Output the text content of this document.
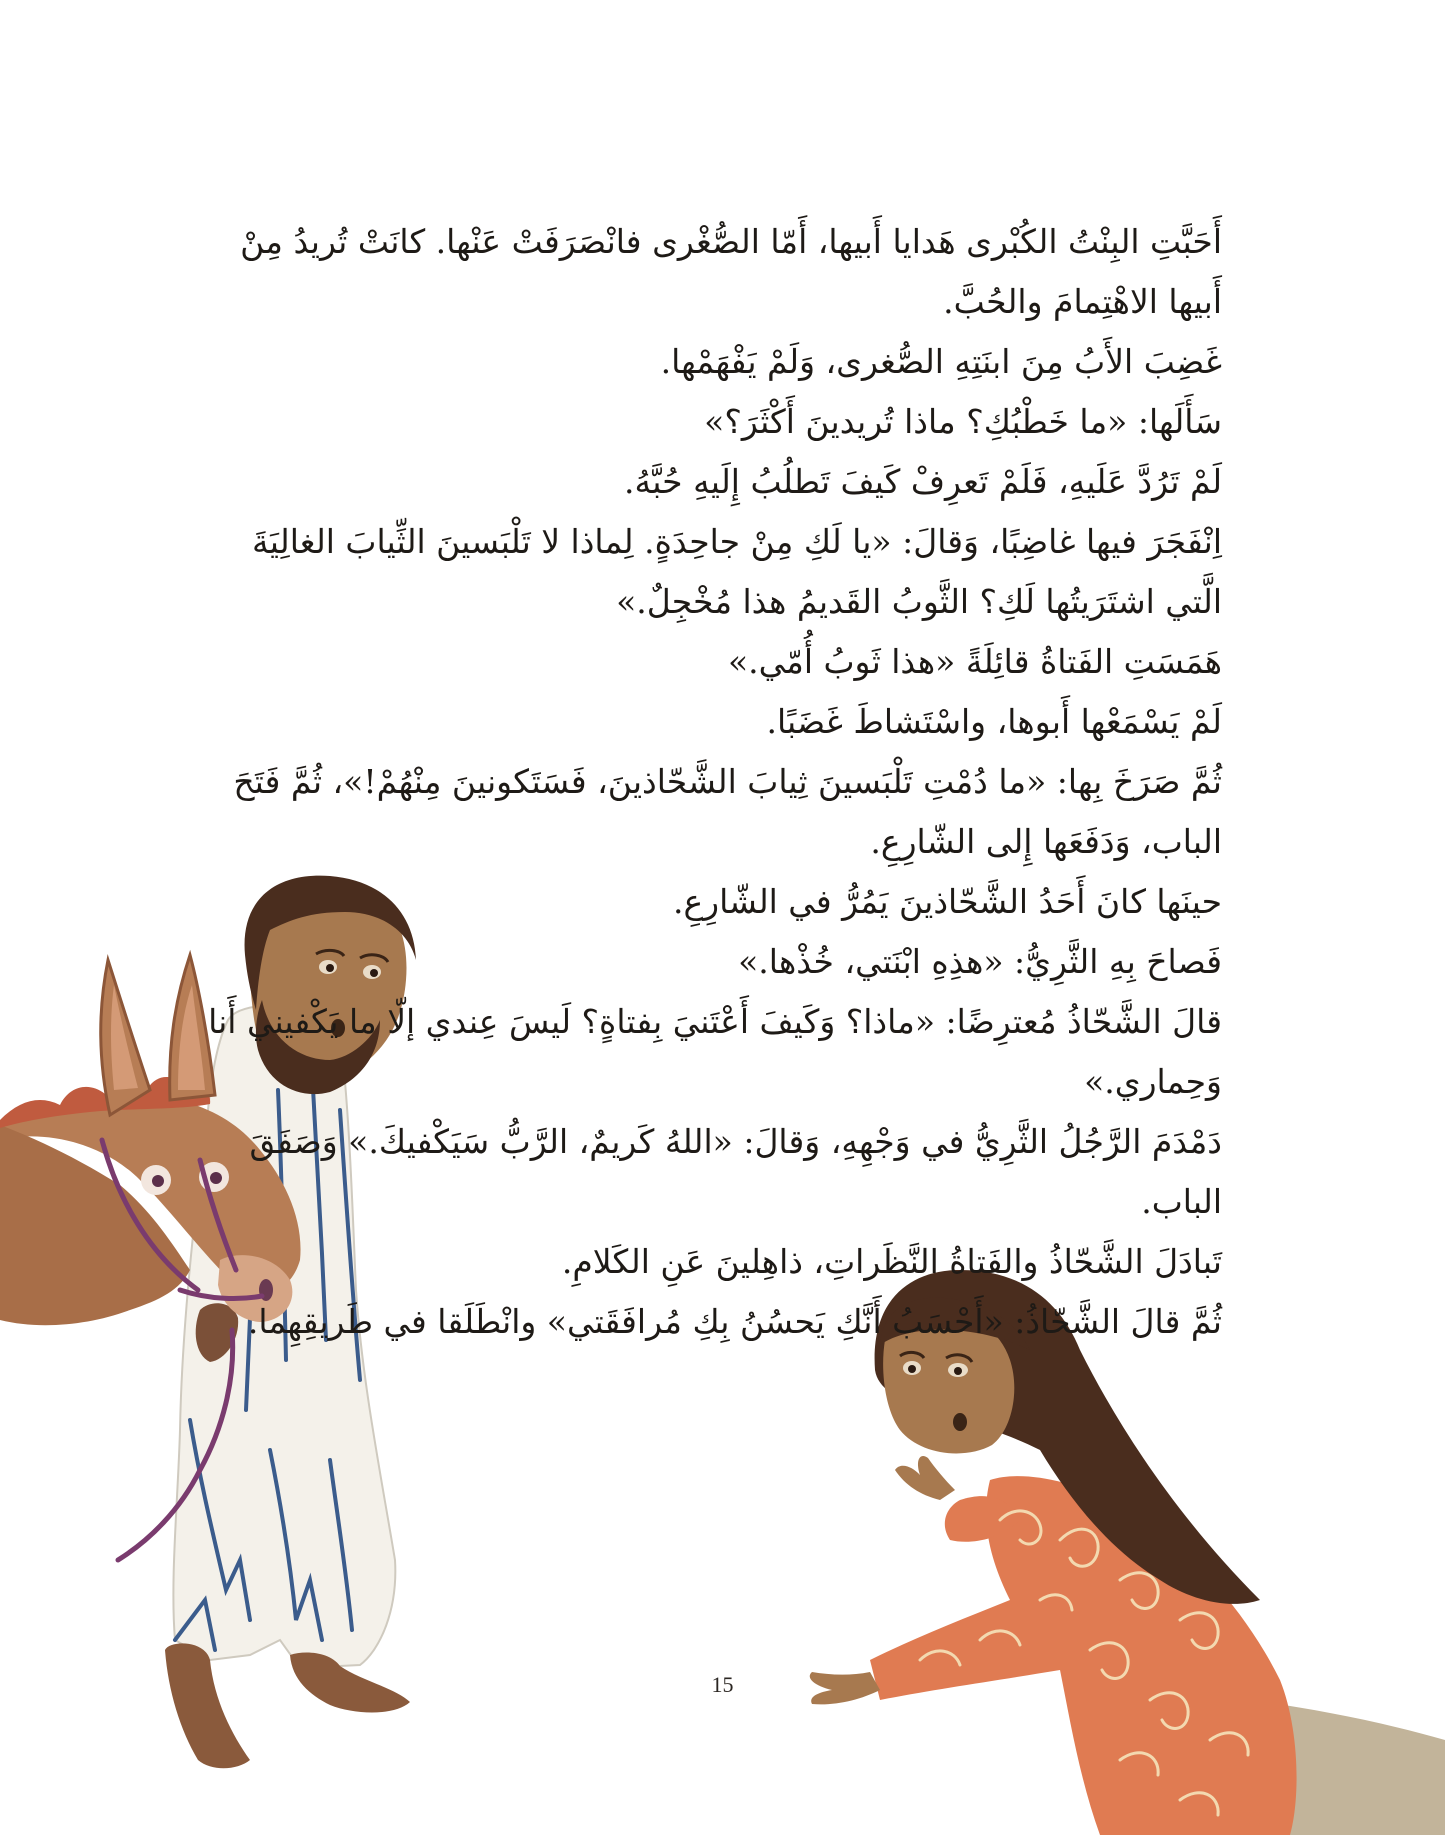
أَحَبَّتِ البِنْتُ الكُبْرى هَدايا أَبيها، أَمّا الصُّغْرى فانْصَرَفَتْ عَنْها. كانَتْ تُريدُ مِنْ أَبيها الاهْتِمامَ والحُبَّ.

غَضِبَ الأَبُ مِنَ ابنَتِهِ الصُّغرى، وَلَمْ يَفْهَمْها.

سَأَلَها: «ما خَطْبُكِ؟ ماذا تُريدينَ أَكْثَرَ؟»

لَمْ تَرُدَّ عَلَيهِ، فَلَمْ تَعرِفْ كَيفَ تَطلُبُ إِلَيهِ حُبَّهُ.

اِنْفَجَرَ فيها غاضِبًا، وَقالَ: «يا لَكِ مِنْ جاحِدَةٍ. لِماذا لا تَلْبَسينَ الثِّيابَ الغالِيَةَ الَّتي اشتَرَيتُها لَكِ؟ الثَّوبُ القَديمُ هذا مُخْجِلٌ.»

هَمَسَتِ الفَتاةُ قائِلَةً «هذا ثَوبُ أُمّي.»

لَمْ يَسْمَعْها أَبوها، واسْتَشاطَ غَضَبًا.

ثُمَّ صَرَخَ بِها: «ما دُمْتِ تَلْبَسينَ ثِيابَ الشَّحّاذينَ، فَسَتَكونينَ مِنْهُمْ!»، ثُمَّ فَتَحَ الباب، وَدَفَعَها إِلى الشّارِعِ.

حينَها كانَ أَحَدُ الشَّحّاذينَ يَمُرُّ في الشّارِعِ.

فَصاحَ بِهِ الثَّرِيُّ: «هذِهِ ابْنَتي، خُذْها.»

قالَ الشَّحّاذُ مُعترِضًا: «ماذا؟ وَكَيفَ أَعْتَنيَ بِفتاةٍ؟ لَيسَ عِندي إلّا ما يَكْفيني أَنا وَحِماري.»

دَمْدَمَ الرَّجُلُ الثَّرِيُّ في وَجْهِهِ، وَقالَ: «اللهُ كَريمٌ، الرَّبُّ سَيَكْفيكَ.» وَصَفَقَ الباب.

تَبادَلَ الشَّحّاذُ والفَتاةُ النَّظَراتِ، ذاهِلينَ عَنِ الكَلامِ.

ثُمَّ قالَ الشَّحّاذُ: «أَحْسَبُ أَنَّكِ يَحسُنُ بِكِ مُرافَقَتي» وانْطَلَقا في طَريقِهِما.

15
